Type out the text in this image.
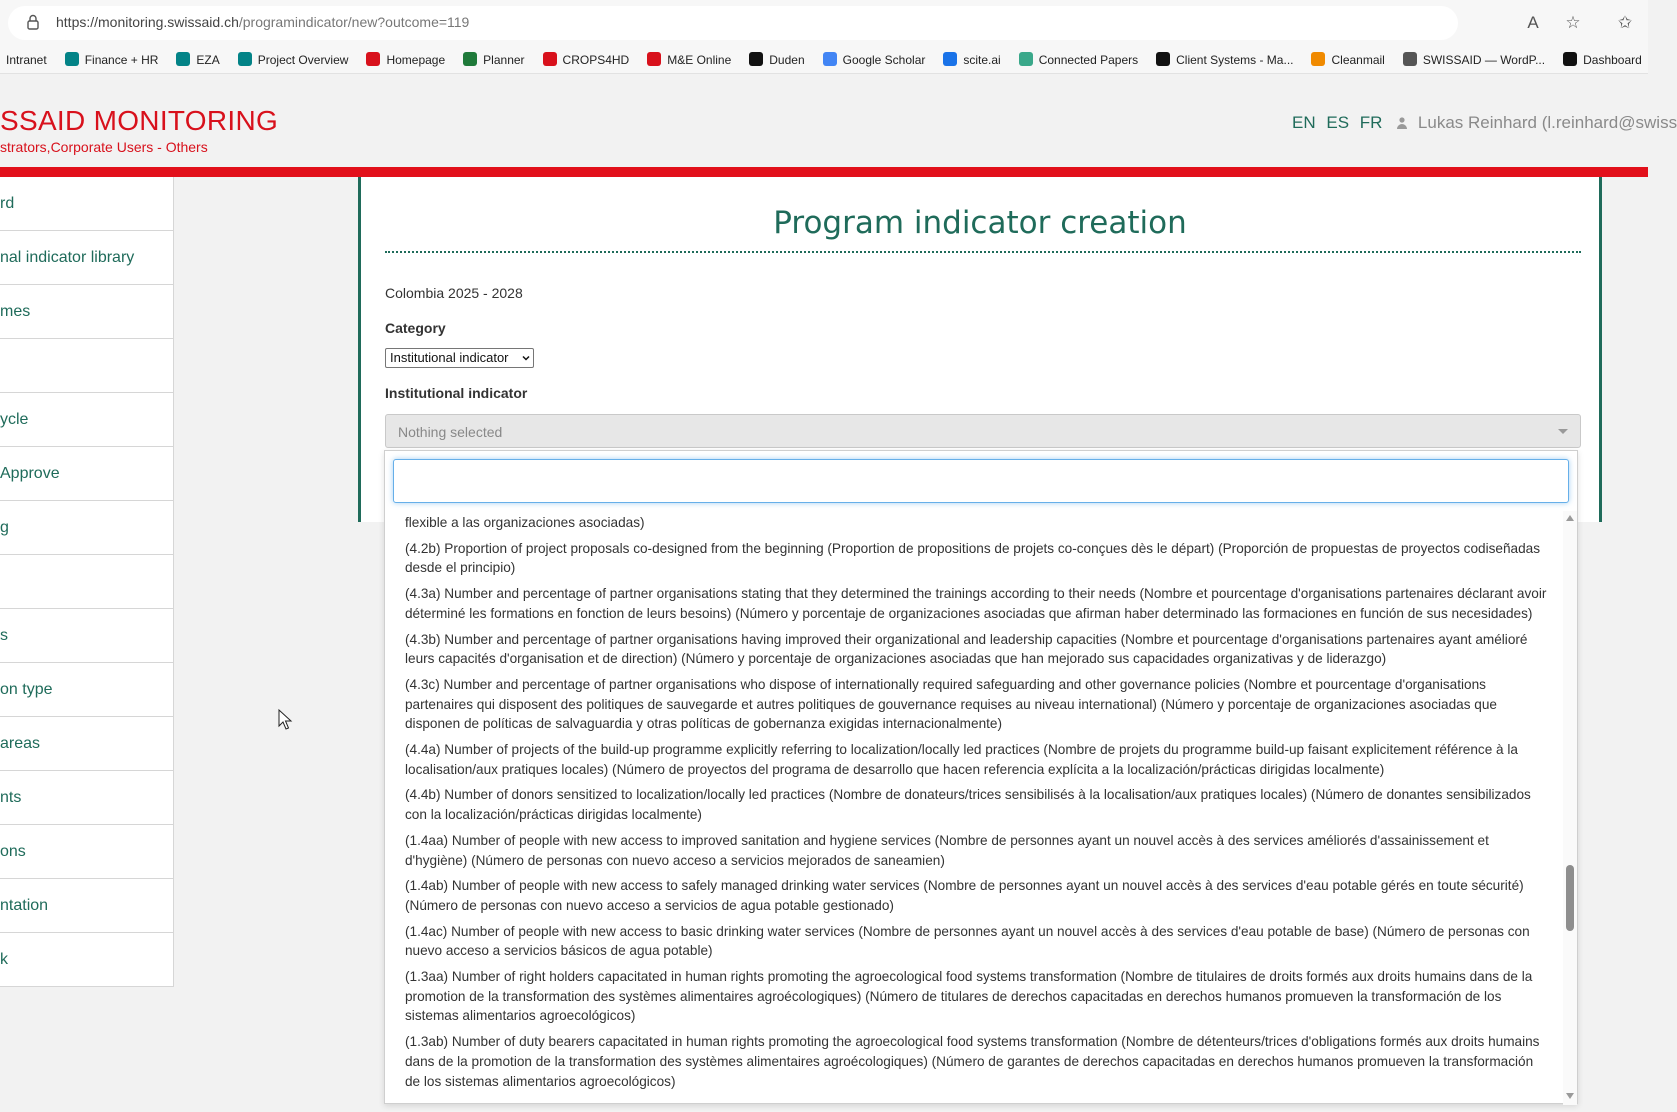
https://monitoring.swissaid.ch/programindicator/new?outcome=119	A	☆ ✩
Intranet	Finance + HR	EZA	Project Overview	Homepage	Planner	CROPS4HD	M&E Online	Duden	Google Scholar	scite.ai	Connected Papers	Client Systems - Ma...	Cleanmail	SWISSAID — WordP...	Dashboard
SSAID MONITORING
strators,Corporate Users - Others
EN ES FR Lukas Reinhard (l.reinhard@swiss
rd
nal indicator library
mes
ycle
Approve
g
s
on type
areas
nts
ons
ntation
k
Program indicator creation
Colombia 2025 - 2028
Category
Institutional indicator
Institutional indicator
Nothing selected
flexible a las organizaciones asociadas)
(4.2b) Proportion of project proposals co-designed from the beginning (Proportion de propositions de projets co-conçues dès le départ) (Proporción de propuestas de proyectos codiseñadas desde el principio)
(4.3a) Number and percentage of partner organisations stating that they determined the trainings according to their needs (Nombre et pourcentage d'organisations partenaires déclarant avoir déterminé les formations en fonction de leurs besoins) (Número y porcentaje de organizaciones asociadas que afirman haber determinado las formaciones en función de sus necesidades)
(4.3b) Number and percentage of partner organisations having improved their organizational and leadership capacities (Nombre et pourcentage d'organisations partenaires ayant amélioré leurs capacités d'organisation et de direction) (Número y porcentaje de organizaciones asociadas que han mejorado sus capacidades organizativas y de liderazgo)
(4.3c) Number and percentage of partner organisations who dispose of internationally required safeguarding and other governance policies (Nombre et pourcentage d'organisations partenaires qui disposent des politiques de sauvegarde et autres politiques de gouvernance requises au niveau international) (Número y porcentaje de organizaciones asociadas que disponen de políticas de salvaguardia y otras políticas de gobernanza exigidas internacionalmente)
(4.4a) Number of projects of the build-up programme explicitly referring to localization/locally led practices (Nombre de projets du programme build-up faisant explicitement référence à la localisation/aux pratiques locales) (Número de proyectos del programa de desarrollo que hacen referencia explícita a la localización/prácticas dirigidas localmente)
(4.4b) Number of donors sensitized to localization/locally led practices (Nombre de donateurs/trices sensibilisés à la localisation/aux pratiques locales) (Número de donantes sensibilizados con la localización/prácticas dirigidas localmente)
(1.4aa) Number of people with new access to improved sanitation and hygiene services (Nombre de personnes ayant un nouvel accès à des services améliorés d'assainissement et d'hygiène) (Número de personas con nuevo acceso a servicios mejorados de saneamien)
(1.4ab) Number of people with new access to safely managed drinking water services (Nombre de personnes ayant un nouvel accès à des services d'eau potable gérés en toute sécurité) (Número de personas con nuevo acceso a servicios de agua potable gestionado)
(1.4ac) Number of people with new access to basic drinking water services (Nombre de personnes ayant un nouvel accès à des services d'eau potable de base) (Número de personas con nuevo acceso a servicios básicos de agua potable)
(1.3aa) Number of right holders capacitated in human rights promoting the agroecological food systems transformation (Nombre de titulaires de droits formés aux droits humains dans de la promotion de la transformation des systèmes alimentaires agroécologiques) (Número de titulares de derechos capacitadas en derechos humanos promueven la transformación de los sistemas alimentarios agroecológicos)
(1.3ab) Number of duty bearers capacitated in human rights promoting the agroecological food systems transformation (Nombre de détenteurs/trices d'obligations formés aux droits humains dans de la promotion de la transformation des systèmes alimentaires agroécologiques) (Número de garantes de derechos capacitadas en derechos humanos promueven la transformación de los sistemas alimentarios agroecológicos)
